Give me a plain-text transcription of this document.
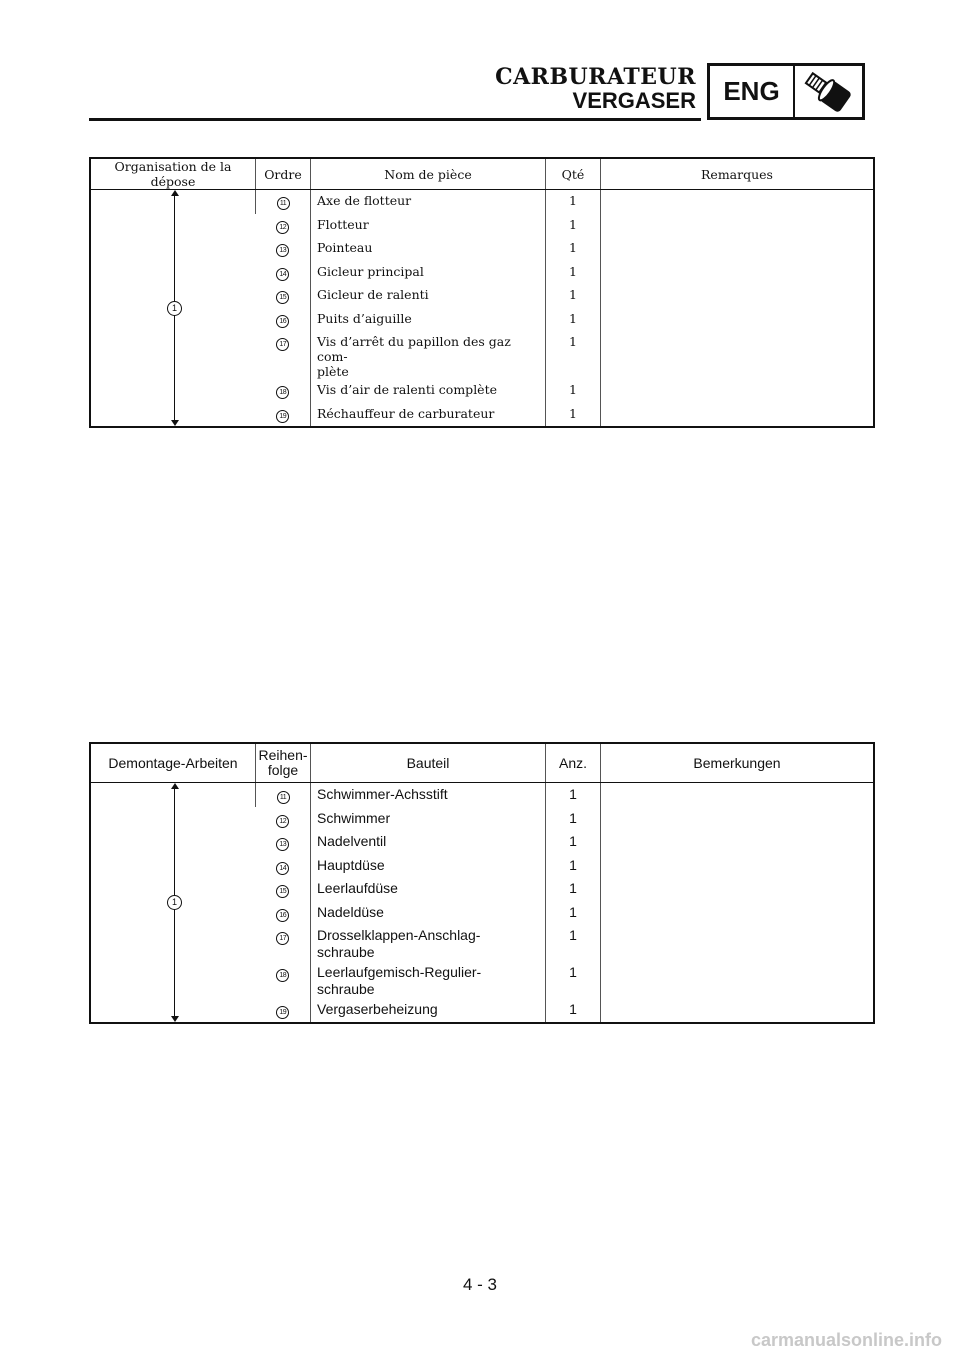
CARBURATEUR
VERGASER	ENG
Organisation de la dépose	Ordre	Nom de pièce	Qté	Remarques

1	11	Axe de flotteur	1	
	12	Flotteur	1	
	13	Pointeau	1	
	14	Gicleur principal	1	
	15	Gicleur de ralenti	1	
	16	Puits d’aiguille	1	
	17	Vis d’arrêt du papillon des gaz com-
plète	1	
	18	Vis d’air de ralenti complète	1	
	19	Réchauffeur de carburateur	1	
Demontage-Arbeiten	Reihen-
folge	Bauteil	Anz.	Bemerkungen

1	11	Schwimmer-Achsstift	1	
	12	Schwimmer	1	
	13	Nadelventil	1	
	14	Hauptdüse	1	
	15	Leerlaufdüse	1	
	16	Nadeldüse	1	
	17	Drosselklappen-Anschlag-
schraube	1	
	18	Leerlaufgemisch-Regulier-
schraube	1	
	19	Vergaserbeheizung	1	
4 - 3
carmanualsonline.info
